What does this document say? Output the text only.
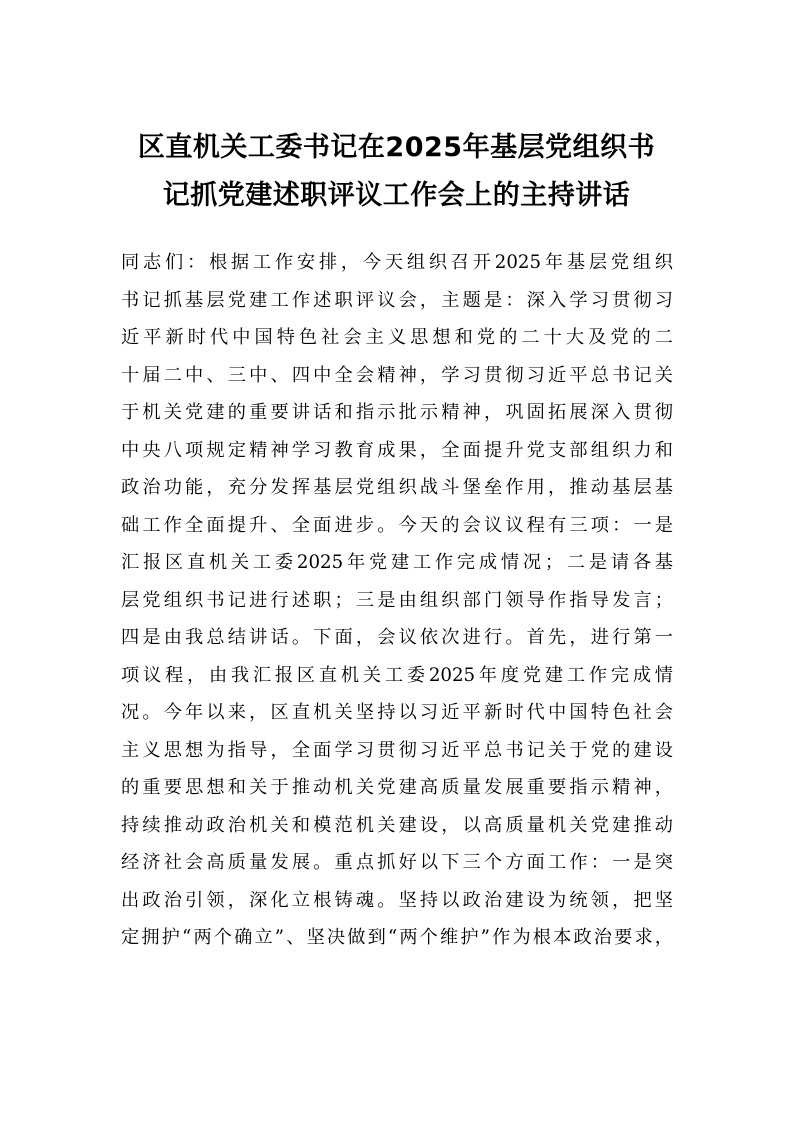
区直机关工委书记在2025年基层党组织书
记抓党建述职评议工作会上的主持讲话
同志们：根据工作安排，今天组织召开2025年基层党组织
书记抓基层党建工作述职评议会，主题是：深入学习贯彻习
近平新时代中国特色社会主义思想和党的二十大及党的二
十届二中、三中、四中全会精神，学习贯彻习近平总书记关
于机关党建的重要讲话和指示批示精神，巩固拓展深入贯彻
中央八项规定精神学习教育成果，全面提升党支部组织力和
政治功能，充分发挥基层党组织战斗堡垒作用，推动基层基
础工作全面提升、全面进步。今天的会议议程有三项：一是
汇报区直机关工委2025年党建工作完成情况；二是请各基
层党组织书记进行述职；三是由组织部门领导作指导发言；
四是由我总结讲话。下面，会议依次进行。首先，进行第一
项议程，由我汇报区直机关工委2025年度党建工作完成情
况。今年以来，区直机关坚持以习近平新时代中国特色社会
主义思想为指导，全面学习贯彻习近平总书记关于党的建设
的重要思想和关于推动机关党建高质量发展重要指示精神，
持续推动政治机关和模范机关建设，以高质量机关党建推动
经济社会高质量发展。重点抓好以下三个方面工作：一是突
出政治引领，深化立根铸魂。坚持以政治建设为统领，把坚
定拥护“两个确立”、坚决做到“两个维护”作为根本政治要求，
